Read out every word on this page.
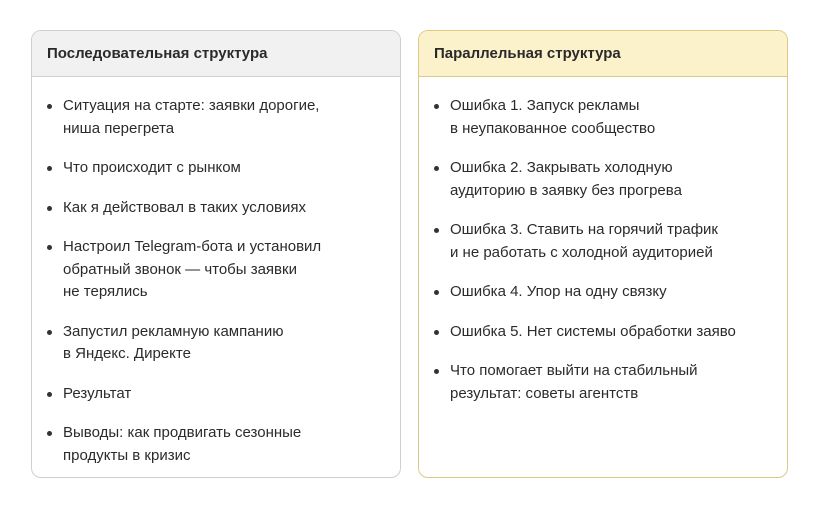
Последовательная структура
Ситуация на старте: заявки дорогие,
ниша перегрета
Что происходит с рынком
Как я действовал в таких условиях
Настроил Telegram-бота и установил
обратный звонок — чтобы заявки
не терялись
Запустил рекламную кампанию
в Яндекс. Директе
Результат
Выводы: как продвигать сезонные
продукты в кризис
Параллельная структура
Ошибка 1. Запуск рекламы
в неупакованное сообщество
Ошибка 2. Закрывать холодную
аудиторию в заявку без прогрева
Ошибка 3. Ставить на горячий трафик
и не работать с холодной аудиторией
Ошибка 4. Упор на одну связку
Ошибка 5. Нет системы обработки заяво
Что помогает выйти на стабильный
результат: советы агентств
